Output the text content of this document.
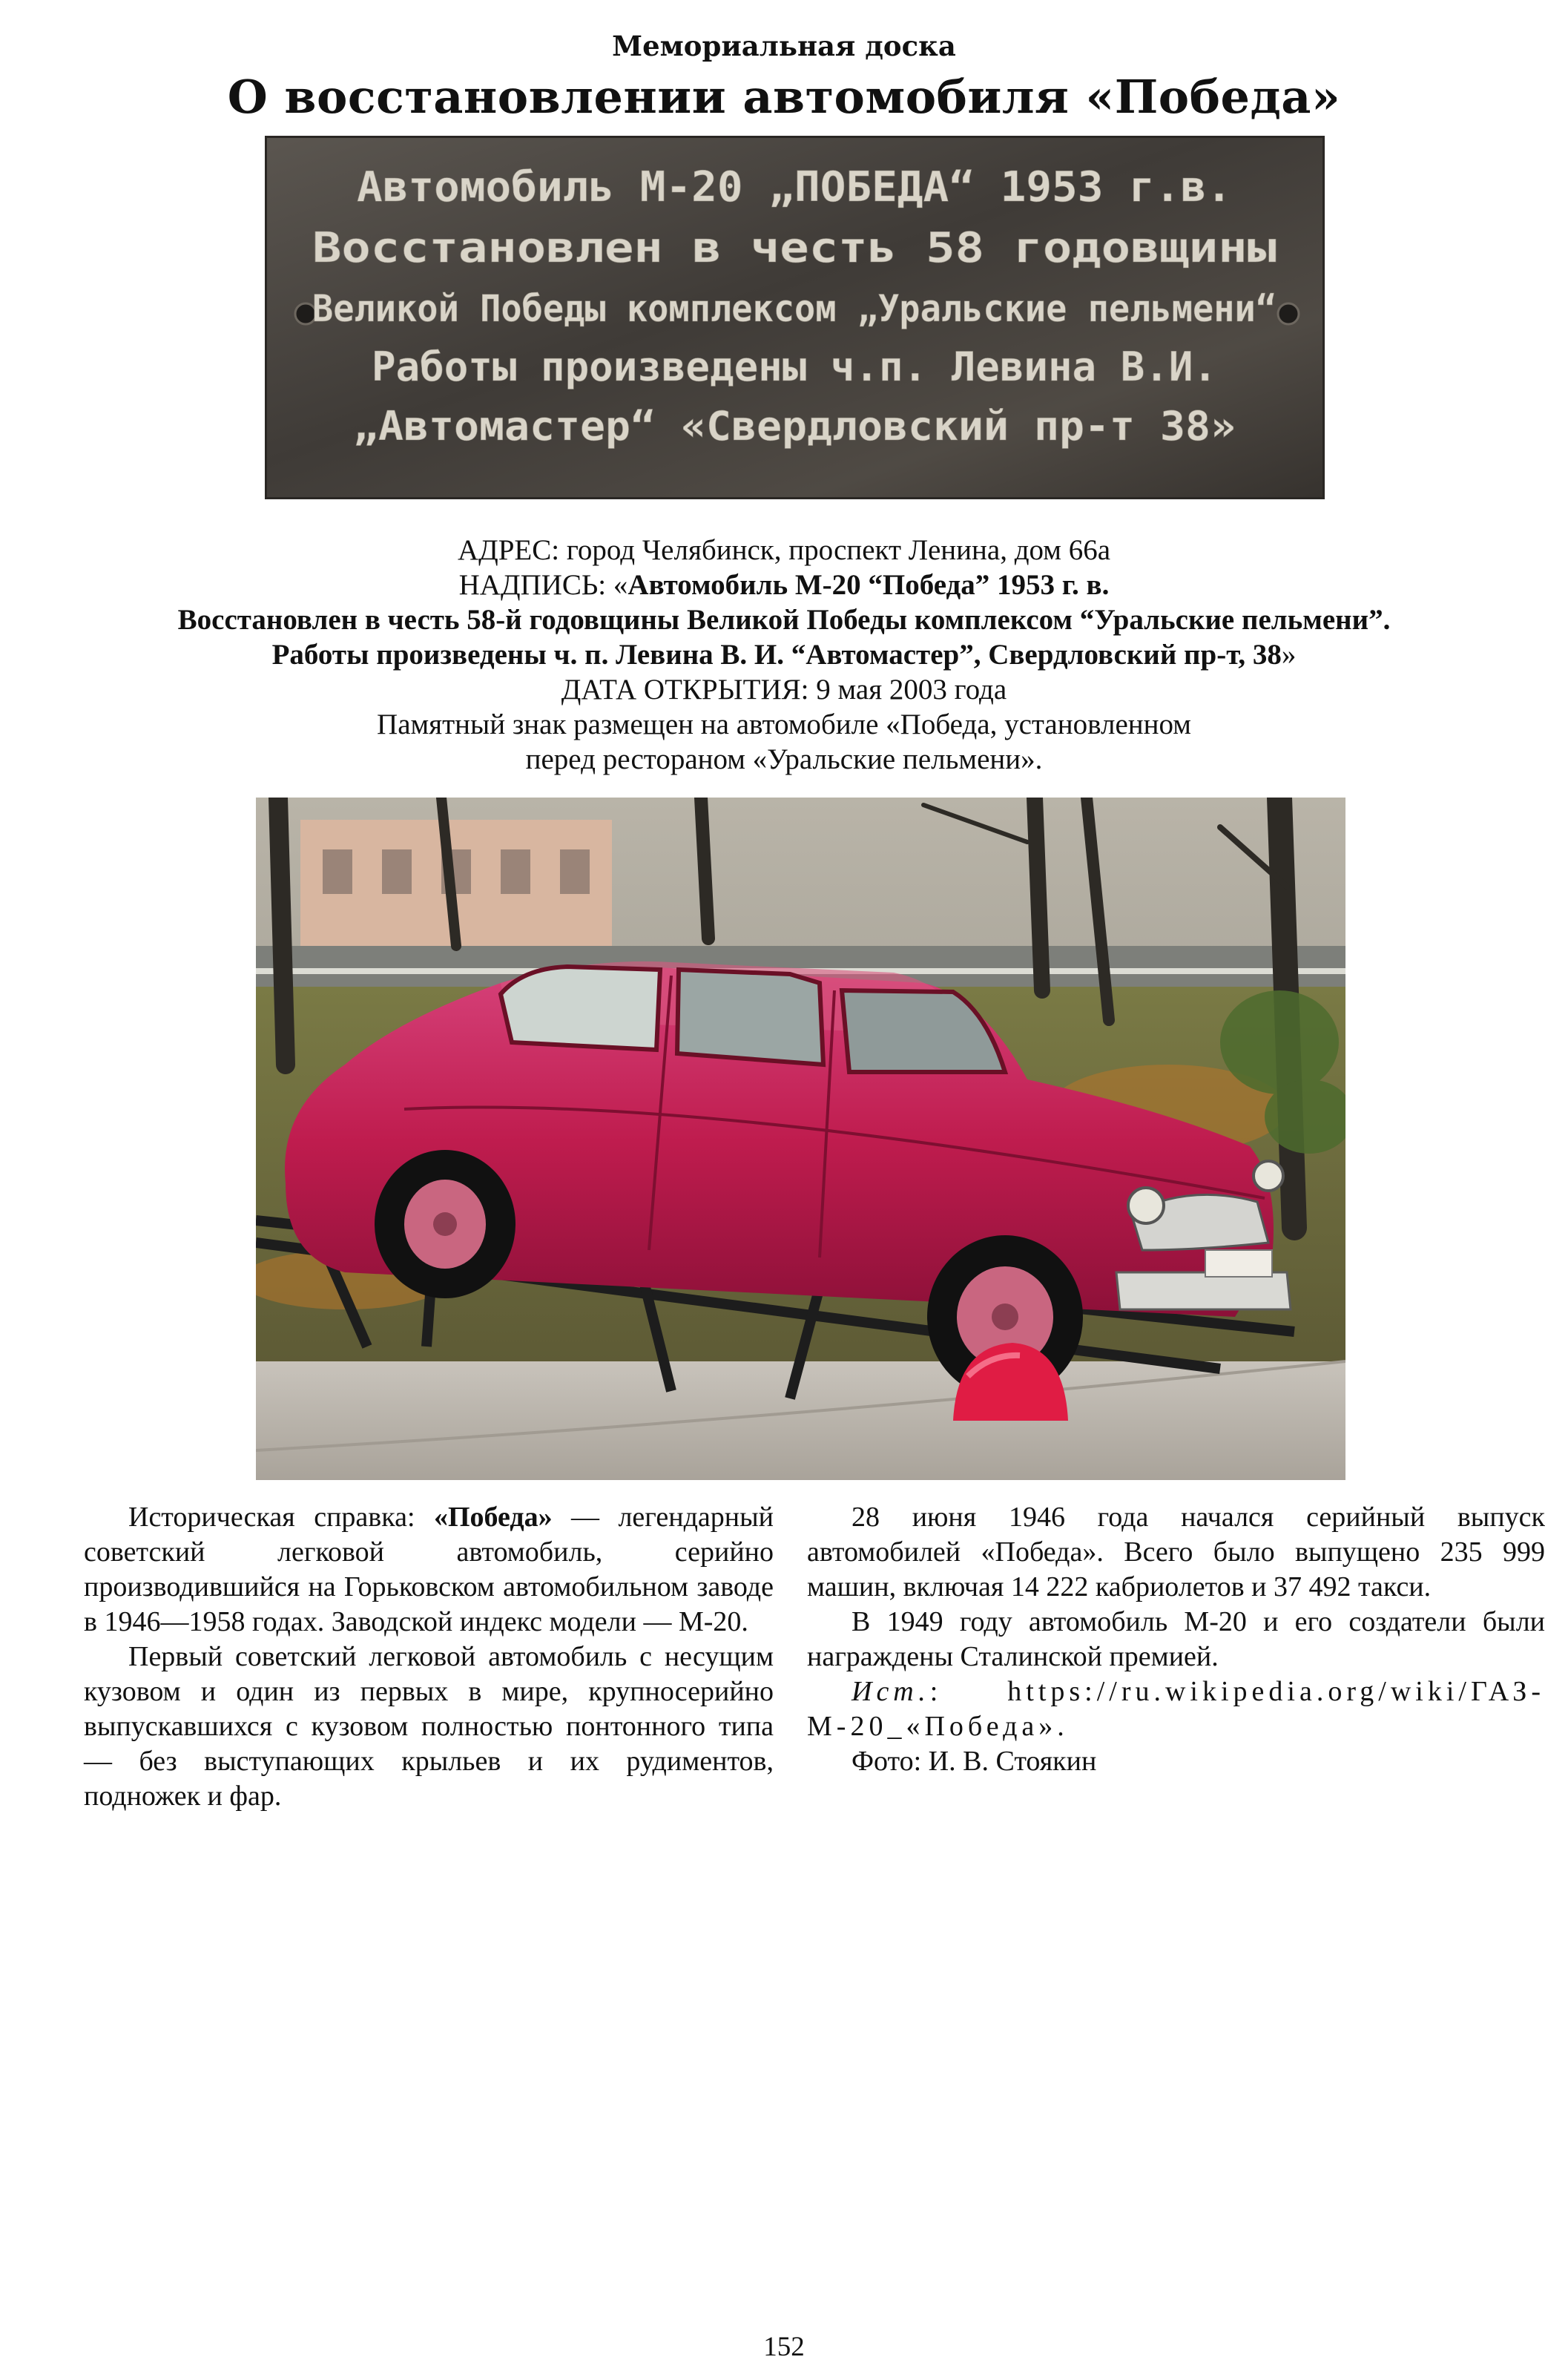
Мемориальная доска
О восстановлении автомобиля «Победа»
Автомобиль М-20 „ПОБЕДА“ 1953 г.в.
Восстановлен в честь 58 годовщины
Великой Победы комплексом „Уральские пельмени“
Работы произведены ч.п. Левина В.И.
„Автомастер“ «Свердловский пр-т 38»
АДРЕС: город Челябинск, проспект Ленина, дом 66а
НАДПИСЬ: «Автомобиль М-20 “Победа” 1953 г. в.
Восстановлен в честь 58-й годовщины Великой Победы комплексом “Уральские пельмени”.
Работы произведены ч. п. Левина В. И. “Автомастер”, Свердловский пр-т, 38»
ДАТА ОТКРЫТИЯ: 9 мая 2003 года
Памятный знак размещен на автомобиле «Победа, установленном
перед рестораном «Уральские пельмени».

Историческая справка: «Победа» — легендарный советский легковой автомобиль, серийно производившийся на Горьковском автомобильном заводе в 1946—1958 годах. Заводской индекс модели — М-20.

Первый советский легковой автомобиль с несущим кузовом и один из первых в мире, крупносерийно выпускавшихся с кузовом полностью понтонного типа — без выступающих крыльев и их рудиментов, подножек и фар.

28 июня 1946 года начался серийный выпуск автомобилей «Победа». Всего было выпущено 235 999 машин, включая 14 222 кабриолетов и 37 492 такси.

В 1949 году автомобиль М-20 и его создатели были награждены Сталинской премией.

Ист.: https://ru.wikipedia.org/wiki/ГАЗ-М-20_«Победа».

Фото: И. В. Стоякин

152
